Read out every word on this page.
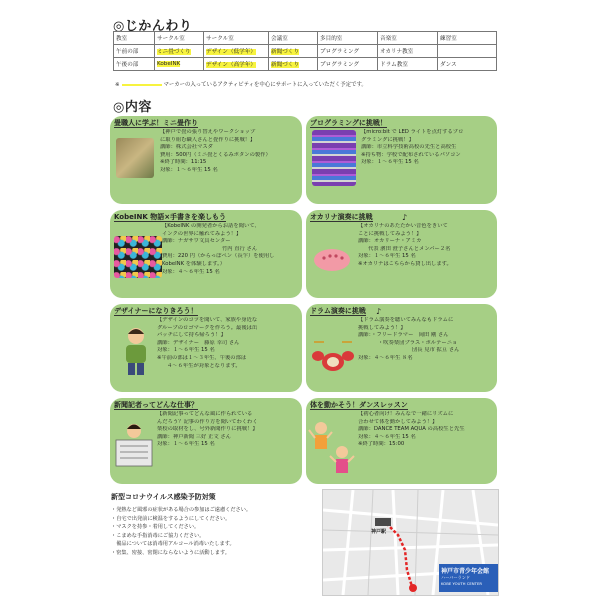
◎じかんわり
教室	サークル室	サークル室	会議室	多目的室	音楽室	練習室
午前の部	ミニ畳づくり	デザイン（低学年）	新聞づくり	プログラミング	オカリナ教室	
午後の部	KobeINK	デザイン（高学年）	新聞づくり	プログラミング	ドラム教室	ダンス
※	マーカーの入っているアクティビティを中心にサポートに入っていただく予定です。
◎内容
畳職人に学ぶ！ミニ畳作り
【神戸で畳の張り替えやワークショップ
に取り組む職人さんと畳作りに挑戦！】
講師：株式会社マスダ
費用：500円（ミニ畳とくるみボタンの製作）
※終了時間：11:15
対象：１～６年生 15 名
プログラミングに挑戦！
【micro:bit で LED ライトを点灯するプロ
グラミングに挑戦！】
講師：市立科学技術高校の先生と高校生
※持ち物：学校で配布されているパソコン
対象：１～６年生 15 名
KobeINK 物語×手書きを楽しもう
【KobeINK の開発者からお話を聞いて、
インクの世界に触れてみよう！】
講師：ナガサワ文具センター
竹内 直行 さん
費用：220 円（からっぽペン（長乍）を使用し
KobeINK を体験します。）
対象：４～６年生 15 名
オカリナ演奏に挑戦	♪
【オカリナのあたたかい音色をきいて
ことに挑戦してみよう！】
講師：オカリーナ・アミカ
代表 濱田 澄子さんとメンバー２名
対象：１～６年生 15 名
※オカリナはこちらから貸し出します。
デザイナーになりきろう！
【デザインのコツを聞いて、家族や身近な
グループのロゴマークを作ろう。最後は缶
バッチにして持ち帰ろう！】
講師：デザイナー　藤原 幸司 さん
対象：１～６年生 15 名
※午前の部は１～３年生、午後の部は
４～６年生が対象となります。
ドラム演奏に挑戦 ♪
【ドラム演奏を聴いてみんなもドラムに
挑戦してみよう！】
講師：・フリードラマー　岡田 剛 さん
・吹奏楽団ブラス・ボルテーニョ
団長 見市 拡亘 さん
対象：４～６年生 ８名
新聞記者ってどんな仕事？
【新聞記事ってどんな風に作られている
んだろう？記事の作り方を聞いてわくわく
楽校の取材をし、号外新聞作りに挑戦！】
講師：神戸新聞 三好 正文 さん
対象：１～６年生 15 名
体を動かそう！ダンスレッスン
【初心者向け！みんなで一緒にリズムに
合わせて体を動かしてみよう！】
講師：DANCE TEAM AQUA の高校生と先生
対象：４～６年生 15 名
※終了時間：15:00
新型コロナウイルス感染予防対策
・発熱など風邪の症状がある場合の参加はご遠慮ください。
・自宅で出発前に検温をするようにしてください。
・マスクを持参・着用してください。
・こまめな手指消毒にご協力ください。
　備品については消毒用アルコール消毒いたします。
・密集、密接、密閉にならないように活動します。
神戸駅
神戸市青少年会館
ハーバーランド
KOBE YOUTH CENTER
